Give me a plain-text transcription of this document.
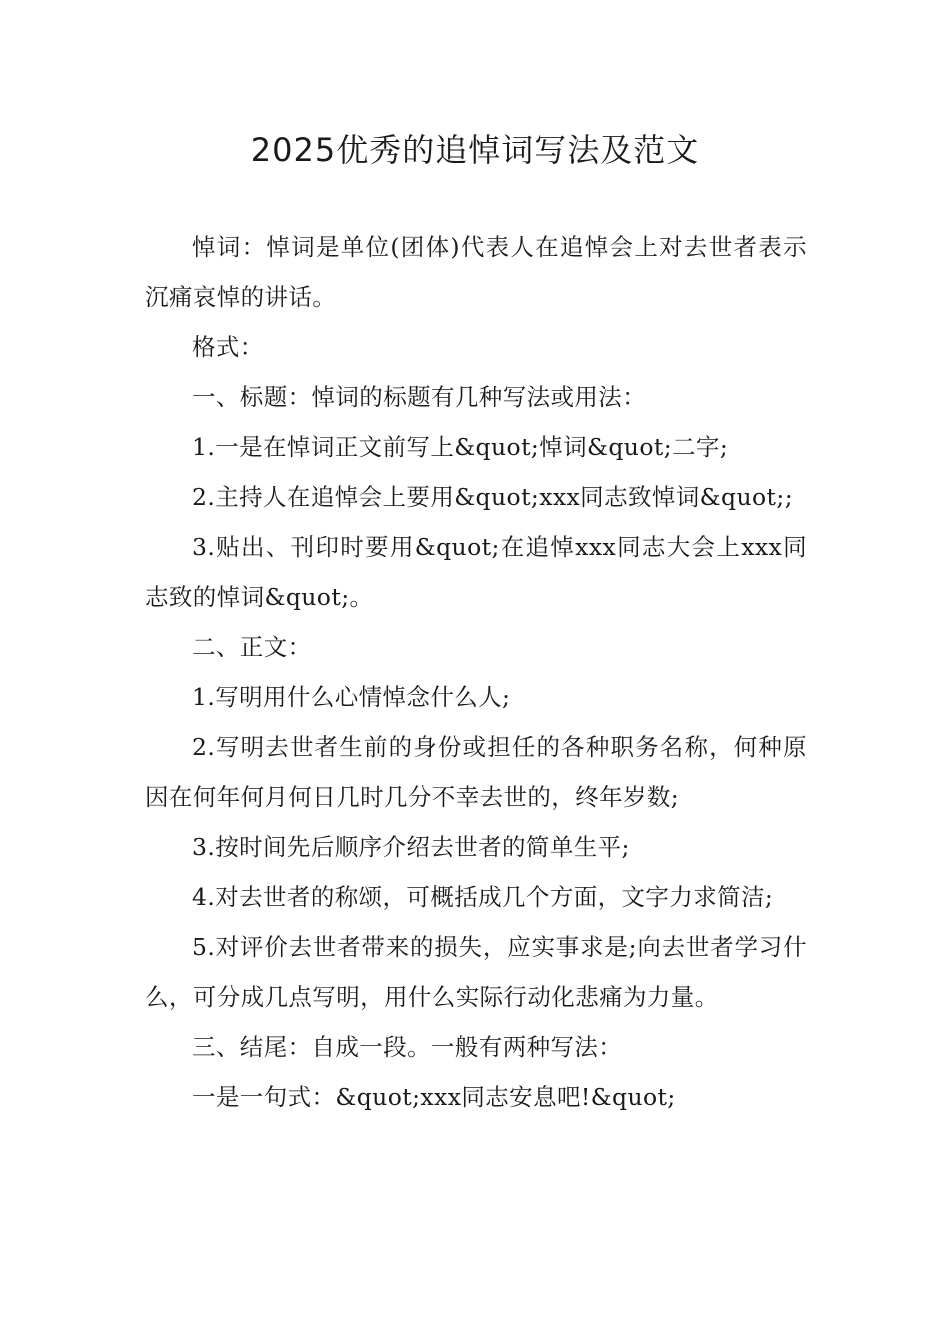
2025优秀的追悼词写法及范文

悼词：悼词是单位(团体)代表人在追悼会上对去世者表示沉痛哀悼的讲话。

格式：

一、标题：悼词的标题有几种写法或用法：

1.一是在悼词正文前写上&quot;悼词&quot;二字;

2.主持人在追悼会上要用&quot;xxx同志致悼词&quot;;

3.贴出、刊印时要用&quot;在追悼xxx同志大会上xxx同志致的悼词&quot;。

二、正文：

1.写明用什么心情悼念什么人;

2.写明去世者生前的身份或担任的各种职务名称，何种原因在何年何月何日几时几分不幸去世的，终年岁数;

3.按时间先后顺序介绍去世者的简单生平;

4.对去世者的称颂，可概括成几个方面，文字力求简洁;

5.对评价去世者带来的损失，应实事求是;向去世者学习什么，可分成几点写明，用什么实际行动化悲痛为力量。

三、结尾：自成一段。一般有两种写法：

一是一句式：&quot;xxx同志安息吧!&quot;
